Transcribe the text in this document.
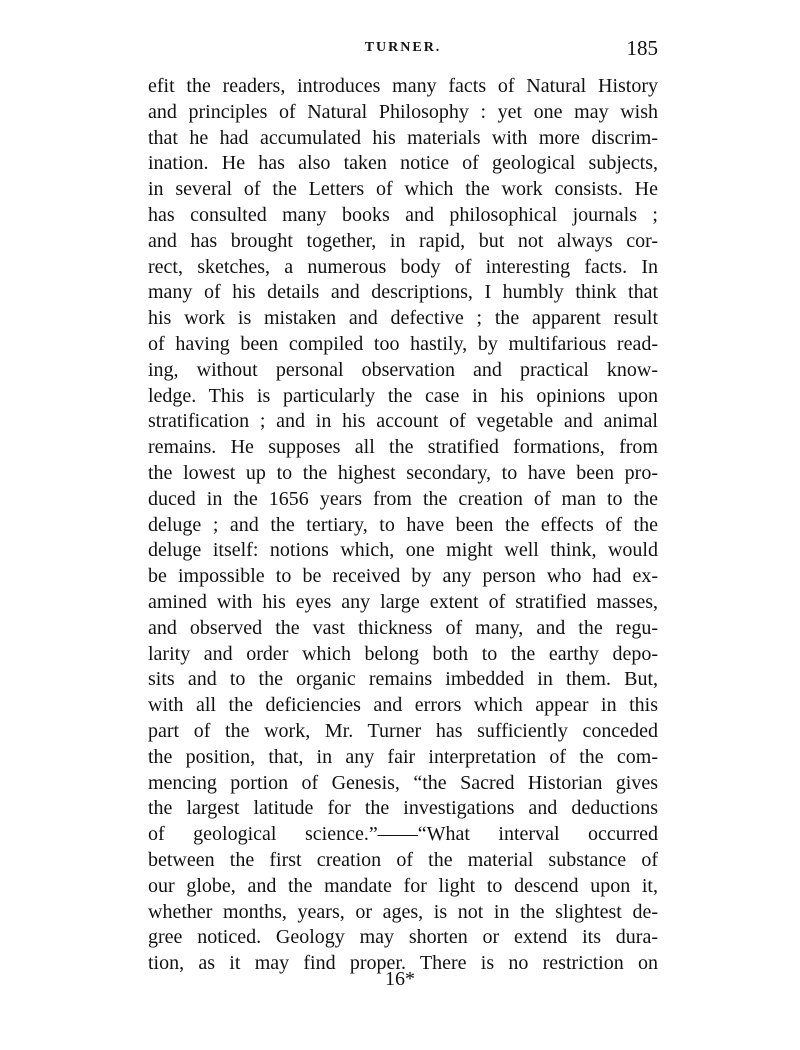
TURNER.	185
efit the readers, introduces many facts of Natural History
and principles of Natural Philosophy : yet one may wish
that he had accumulated his materials with more discrim-
ination. He has also taken notice of geological subjects,
in several of the Letters of which the work consists. He
has consulted many books and philosophical journals ;
and has brought together, in rapid, but not always cor-
rect, sketches, a numerous body of interesting facts. In
many of his details and descriptions, I humbly think that
his work is mistaken and defective ; the apparent result
of having been compiled too hastily, by multifarious read-
ing, without personal observation and practical know-
ledge. This is particularly the case in his opinions upon
stratification ; and in his account of vegetable and animal
remains. He supposes all the stratified formations, from
the lowest up to the highest secondary, to have been pro-
duced in the 1656 years from the creation of man to the
deluge ; and the tertiary, to have been the effects of the
deluge itself: notions which, one might well think, would
be impossible to be received by any person who had ex-
amined with his eyes any large extent of stratified masses,
and observed the vast thickness of many, and the regu-
larity and order which belong both to the earthy depo-
sits and to the organic remains imbedded in them. But,
with all the deficiencies and errors which appear in this
part of the work, Mr. Turner has sufficiently conceded
the position, that, in any fair interpretation of the com-
mencing portion of Genesis, “the Sacred Historian gives
the largest latitude for the investigations and deductions
of geological science.”——“What interval occurred
between the first creation of the material substance of
our globe, and the mandate for light to descend upon it,
whether months, years, or ages, is not in the slightest de-
gree noticed. Geology may shorten or extend its dura-
tion, as it may find proper. There is no restriction on
16*
